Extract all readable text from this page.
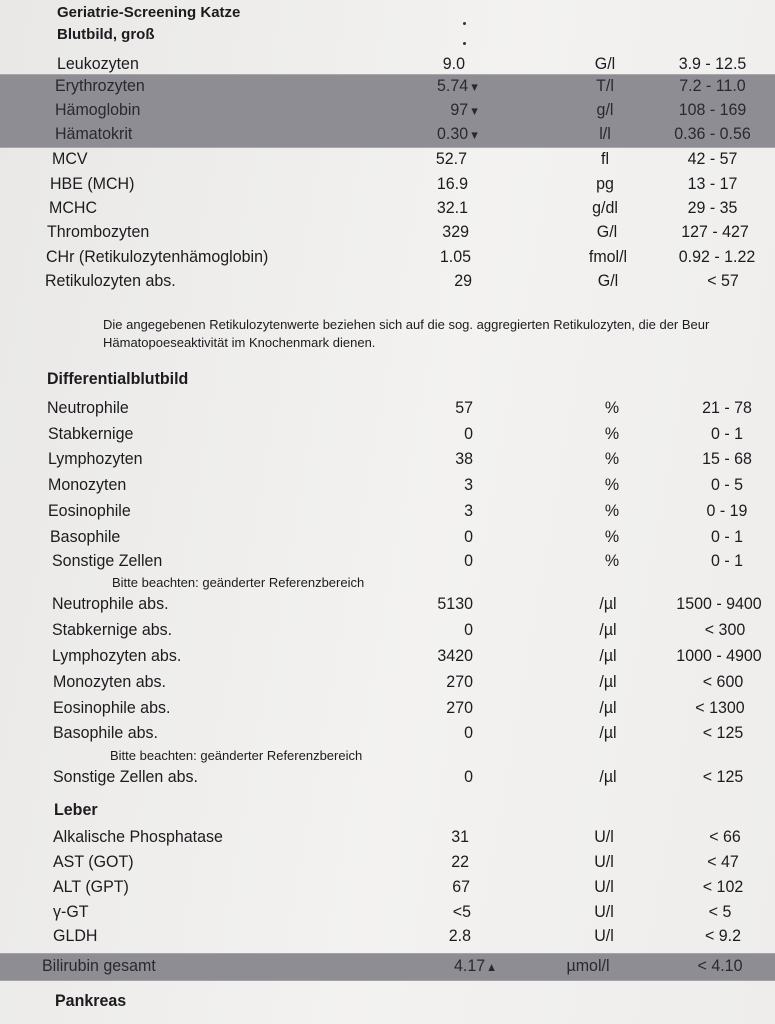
Geriatrie-Screening Katze
Blutbild, groß
Leukozyten	9.0	G/l	3.9 - 12.5
Erythrozyten	5.74▼	T/l	7.2 - 11.0
Hämoglobin	97▼	g/l	108 - 169
Hämatokrit	0.30▼	l/l	0.36 - 0.56
MCV	52.7	fl	42 - 57
HBE (MCH)	16.9	pg	13 - 17
MCHC	32.1	g/dl	29 - 35
Thrombozyten	329	G/l	127 - 427
CHr (Retikulozytenhämoglobin)	1.05	fmol/l	0.92 - 1.22
Retikulozyten abs.	29	G/l	< 57
Die angegebenen Retikulozytenwerte beziehen sich auf die sog. aggregierten Retikulozyten, die der Beur
Hämatopoeseaktivität im Knochenmark dienen.
Differentialblutbild
Neutrophile	57	%	21 - 78
Stabkernige	0	%	0 - 1
Lymphozyten	38	%	15 - 68
Monozyten	3	%	0 - 5
Eosinophile	3	%	0 - 19
Basophile	0	%	0 - 1
Sonstige Zellen	0	%	0 - 1
Bitte beachten: geänderter Referenzbereich
Neutrophile abs.	5130	/µl	1500 - 9400
Stabkernige abs.	0	/µl	< 300
Lymphozyten abs.	3420	/µl	1000 - 4900
Monozyten abs.	270	/µl	< 600
Eosinophile abs.	270	/µl	< 1300
Basophile abs.	0	/µl	< 125
Bitte beachten: geänderter Referenzbereich
Sonstige Zellen abs.	0	/µl	< 125
Leber
Alkalische Phosphatase	31	U/l	< 66
AST (GOT)	22	U/l	< 47
ALT (GPT)	67	U/l	< 102
γ-GT	<5	U/l	< 5
GLDH	2.8	U/l	< 9.2
Bilirubin gesamt	4.17▲	µmol/l	< 4.10
Pankreas
